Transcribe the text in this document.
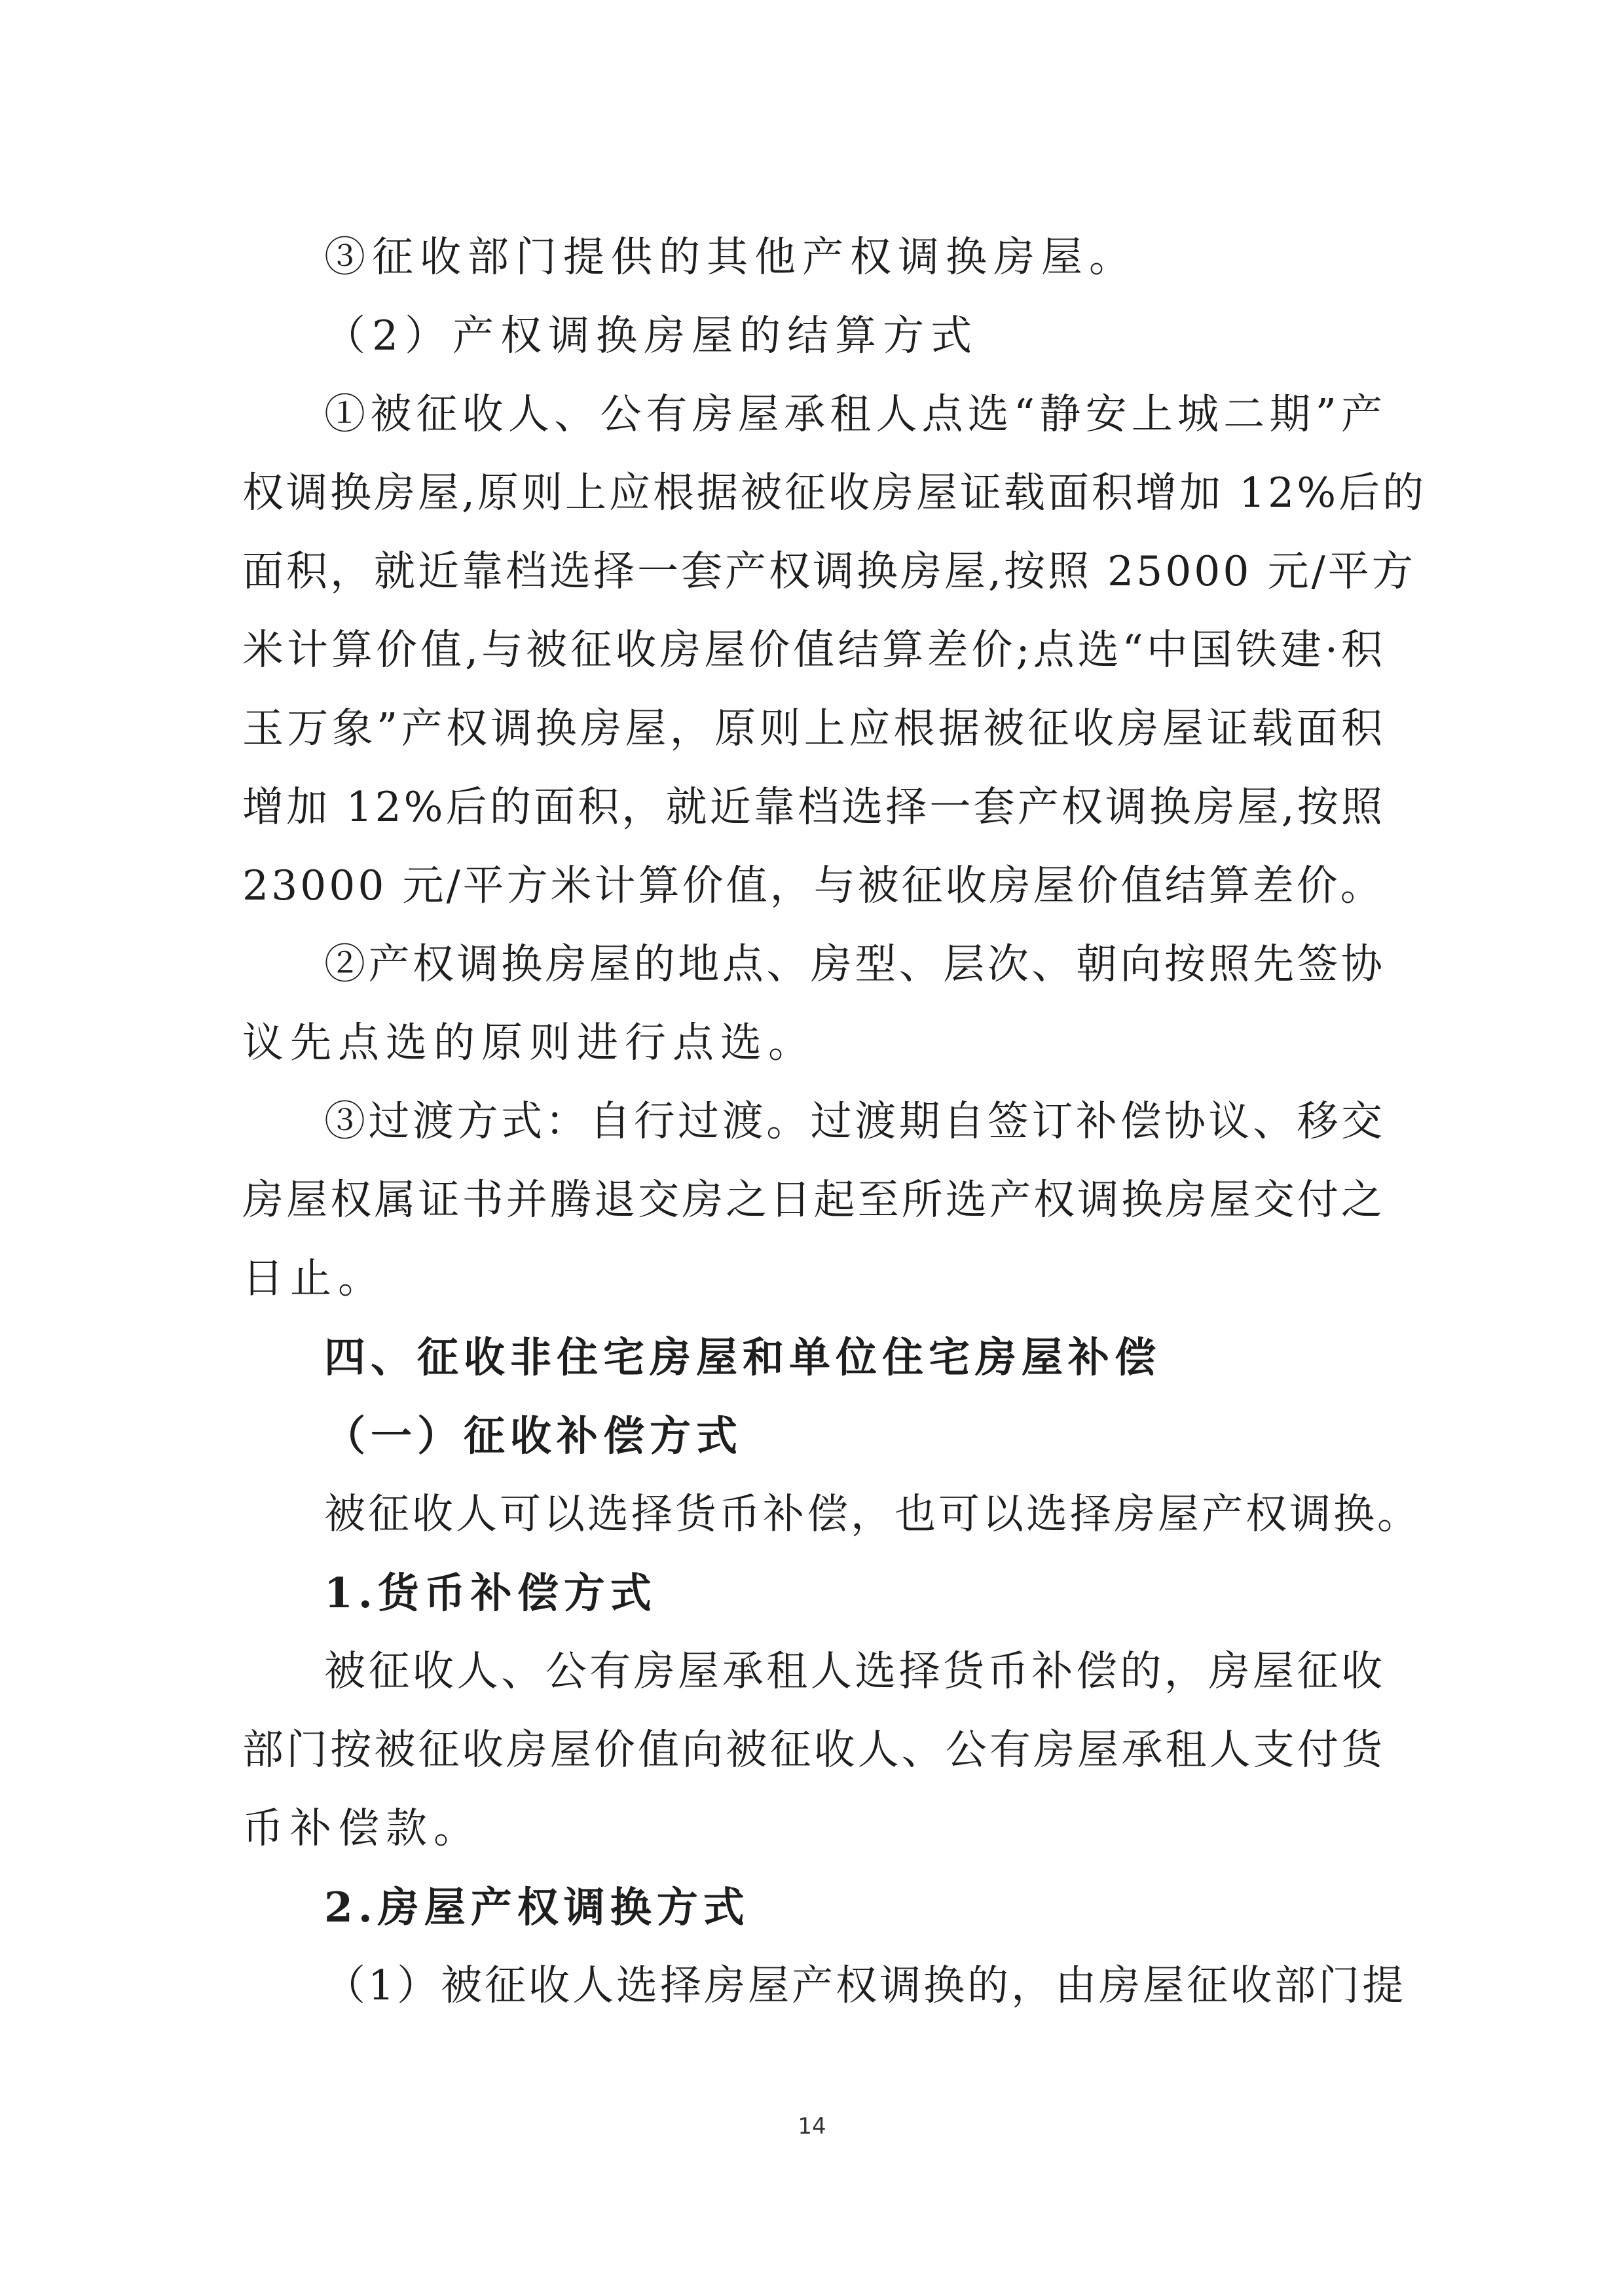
③征收部门提供的其他产权调换房屋。
（2）产权调换房屋的结算方式
①被征收人、公有房屋承租人点选“静安上城二期”产
权调换房屋,原则上应根据被征收房屋证载面积增加 12%后的
面积，就近靠档选择一套产权调换房屋,按照 25000 元/平方
米计算价值,与被征收房屋价值结算差价;点选“中国铁建·积
玉万象”产权调换房屋，原则上应根据被征收房屋证载面积
增加 12%后的面积，就近靠档选择一套产权调换房屋,按照
23000 元/平方米计算价值，与被征收房屋价值结算差价。
②产权调换房屋的地点、房型、层次、朝向按照先签协
议先点选的原则进行点选。
③过渡方式：自行过渡。过渡期自签订补偿协议、移交
房屋权属证书并腾退交房之日起至所选产权调换房屋交付之
日止。
四、征收非住宅房屋和单位住宅房屋补偿
（一）征收补偿方式
被征收人可以选择货币补偿，也可以选择房屋产权调换。
1.货币补偿方式
被征收人、公有房屋承租人选择货币补偿的，房屋征收
部门按被征收房屋价值向被征收人、公有房屋承租人支付货
币补偿款。
2.房屋产权调换方式
（1）被征收人选择房屋产权调换的，由房屋征收部门提
14
